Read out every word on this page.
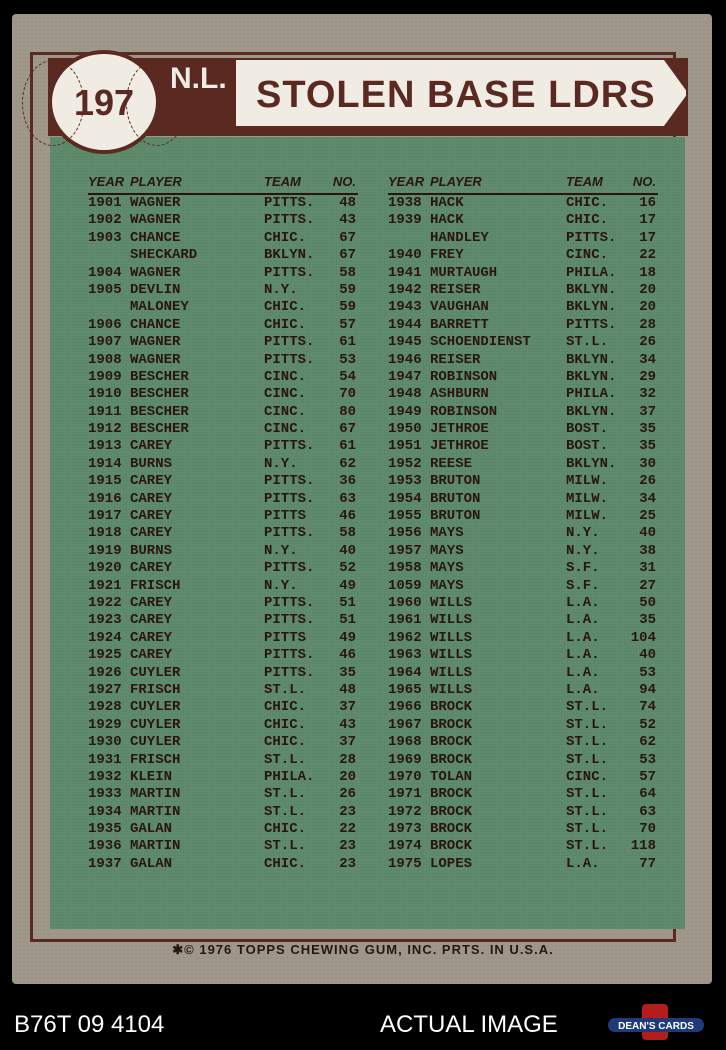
STOLEN BASE LDRS
197
N.L.
YEAR PLAYER	TEAM	NO.
1901 WAGNER	PITTS.	48
1902 WAGNER	PITTS.	43
1903 CHANCE	CHIC.	67
SHECKARD	BKLYN.	67
1904 WAGNER	PITTS.	58
1905 DEVLIN	N.Y.	59
MALONEY	CHIC.	59
1906 CHANCE	CHIC.	57
1907 WAGNER	PITTS.	61
1908 WAGNER	PITTS.	53
1909 BESCHER	CINC.	54
1910 BESCHER	CINC.	70
1911 BESCHER	CINC.	80
1912 BESCHER	CINC.	67
1913 CAREY	PITTS.	61
1914 BURNS	N.Y.	62
1915 CAREY	PITTS.	36
1916 CAREY	PITTS.	63
1917 CAREY	PITTS	46
1918 CAREY	PITTS.	58
1919 BURNS	N.Y.	40
1920 CAREY	PITTS.	52
1921 FRISCH	N.Y.	49
1922 CAREY	PITTS.	51
1923 CAREY	PITTS.	51
1924 CAREY	PITTS	49
1925 CAREY	PITTS.	46
1926 CUYLER	PITTS.	35
1927 FRISCH	ST.L.	48
1928 CUYLER	CHIC.	37
1929 CUYLER	CHIC.	43
1930 CUYLER	CHIC.	37
1931 FRISCH	ST.L.	28
1932 KLEIN	PHILA.	20
1933 MARTIN	ST.L.	26
1934 MARTIN	ST.L.	23
1935 GALAN	CHIC.	22
1936 MARTIN	ST.L.	23
1937 GALAN	CHIC.	23
YEAR PLAYER	TEAM	NO.
1938 HACK	CHIC.	16
1939 HACK	CHIC.	17
HANDLEY	PITTS.	17
1940 FREY	CINC.	22
1941 MURTAUGH	PHILA.	18
1942 REISER	BKLYN.	20
1943 VAUGHAN	BKLYN.	20
1944 BARRETT	PITTS.	28
1945 SCHOENDIENST	ST.L.	26
1946 REISER	BKLYN.	34
1947 ROBINSON	BKLYN.	29
1948 ASHBURN	PHILA.	32
1949 ROBINSON	BKLYN.	37
1950 JETHROE	BOST.	35
1951 JETHROE	BOST.	35
1952 REESE	BKLYN.	30
1953 BRUTON	MILW.	26
1954 BRUTON	MILW.	34
1955 BRUTON	MILW.	25
1956 MAYS	N.Y.	40
1957 MAYS	N.Y.	38
1958 MAYS	S.F.	31
1059 MAYS	S.F.	27
1960 WILLS	L.A.	50
1961 WILLS	L.A.	35
1962 WILLS	L.A.	104
1963 WILLS	L.A.	40
1964 WILLS	L.A.	53
1965 WILLS	L.A.	94
1966 BROCK	ST.L.	74
1967 BROCK	ST.L.	52
1968 BROCK	ST.L.	62
1969 BROCK	ST.L.	53
1970 TOLAN	CINC.	57
1971 BROCK	ST.L.	64
1972 BROCK	ST.L.	63
1973 BROCK	ST.L.	70
1974 BROCK	ST.L.	118
1975 LOPES	L.A.	77
✱© 1976 TOPPS CHEWING GUM, INC. PRTS. IN U.S.A.
B76T 09 4104	ACTUAL IMAGE	DEAN'S CARDS
